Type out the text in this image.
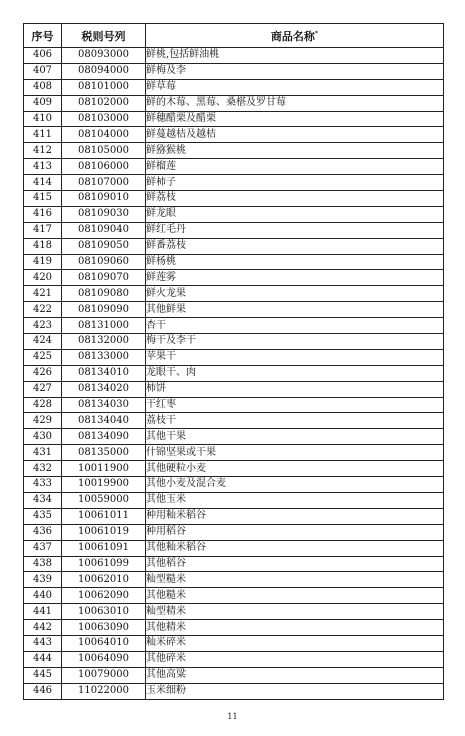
序号	税则号列	商品名称*
406	08093000	鲜桃,包括鲜油桃
407	08094000	鲜梅及李
408	08101000	鲜草莓
409	08102000	鲜的木莓、黑莓、桑椹及罗甘莓
410	08103000	鲜穗醋栗及醋栗
411	08104000	鲜蔓越桔及越桔
412	08105000	鲜猕猴桃
413	08106000	鲜榴莲
414	08107000	鲜柿子
415	08109010	鲜荔枝
416	08109030	鲜龙眼
417	08109040	鲜红毛丹
418	08109050	鲜番荔枝
419	08109060	鲜杨桃
420	08109070	鲜莲雾
421	08109080	鲜火龙果
422	08109090	其他鲜果
423	08131000	杏干
424	08132000	梅干及李干
425	08133000	苹果干
426	08134010	龙眼干、肉
427	08134020	柿饼
428	08134030	干红枣
429	08134040	荔枝干
430	08134090	其他干果
431	08135000	什锦坚果或干果
432	10011900	其他硬粒小麦
433	10019900	其他小麦及混合麦
434	10059000	其他玉米
435	10061011	种用籼米稻谷
436	10061019	种用稻谷
437	10061091	其他籼米稻谷
438	10061099	其他稻谷
439	10062010	籼型糙米
440	10062090	其他糙米
441	10063010	籼型精米
442	10063090	其他精米
443	10064010	籼米碎米
444	10064090	其他碎米
445	10079000	其他高粱
446	11022000	玉米细粉
11
